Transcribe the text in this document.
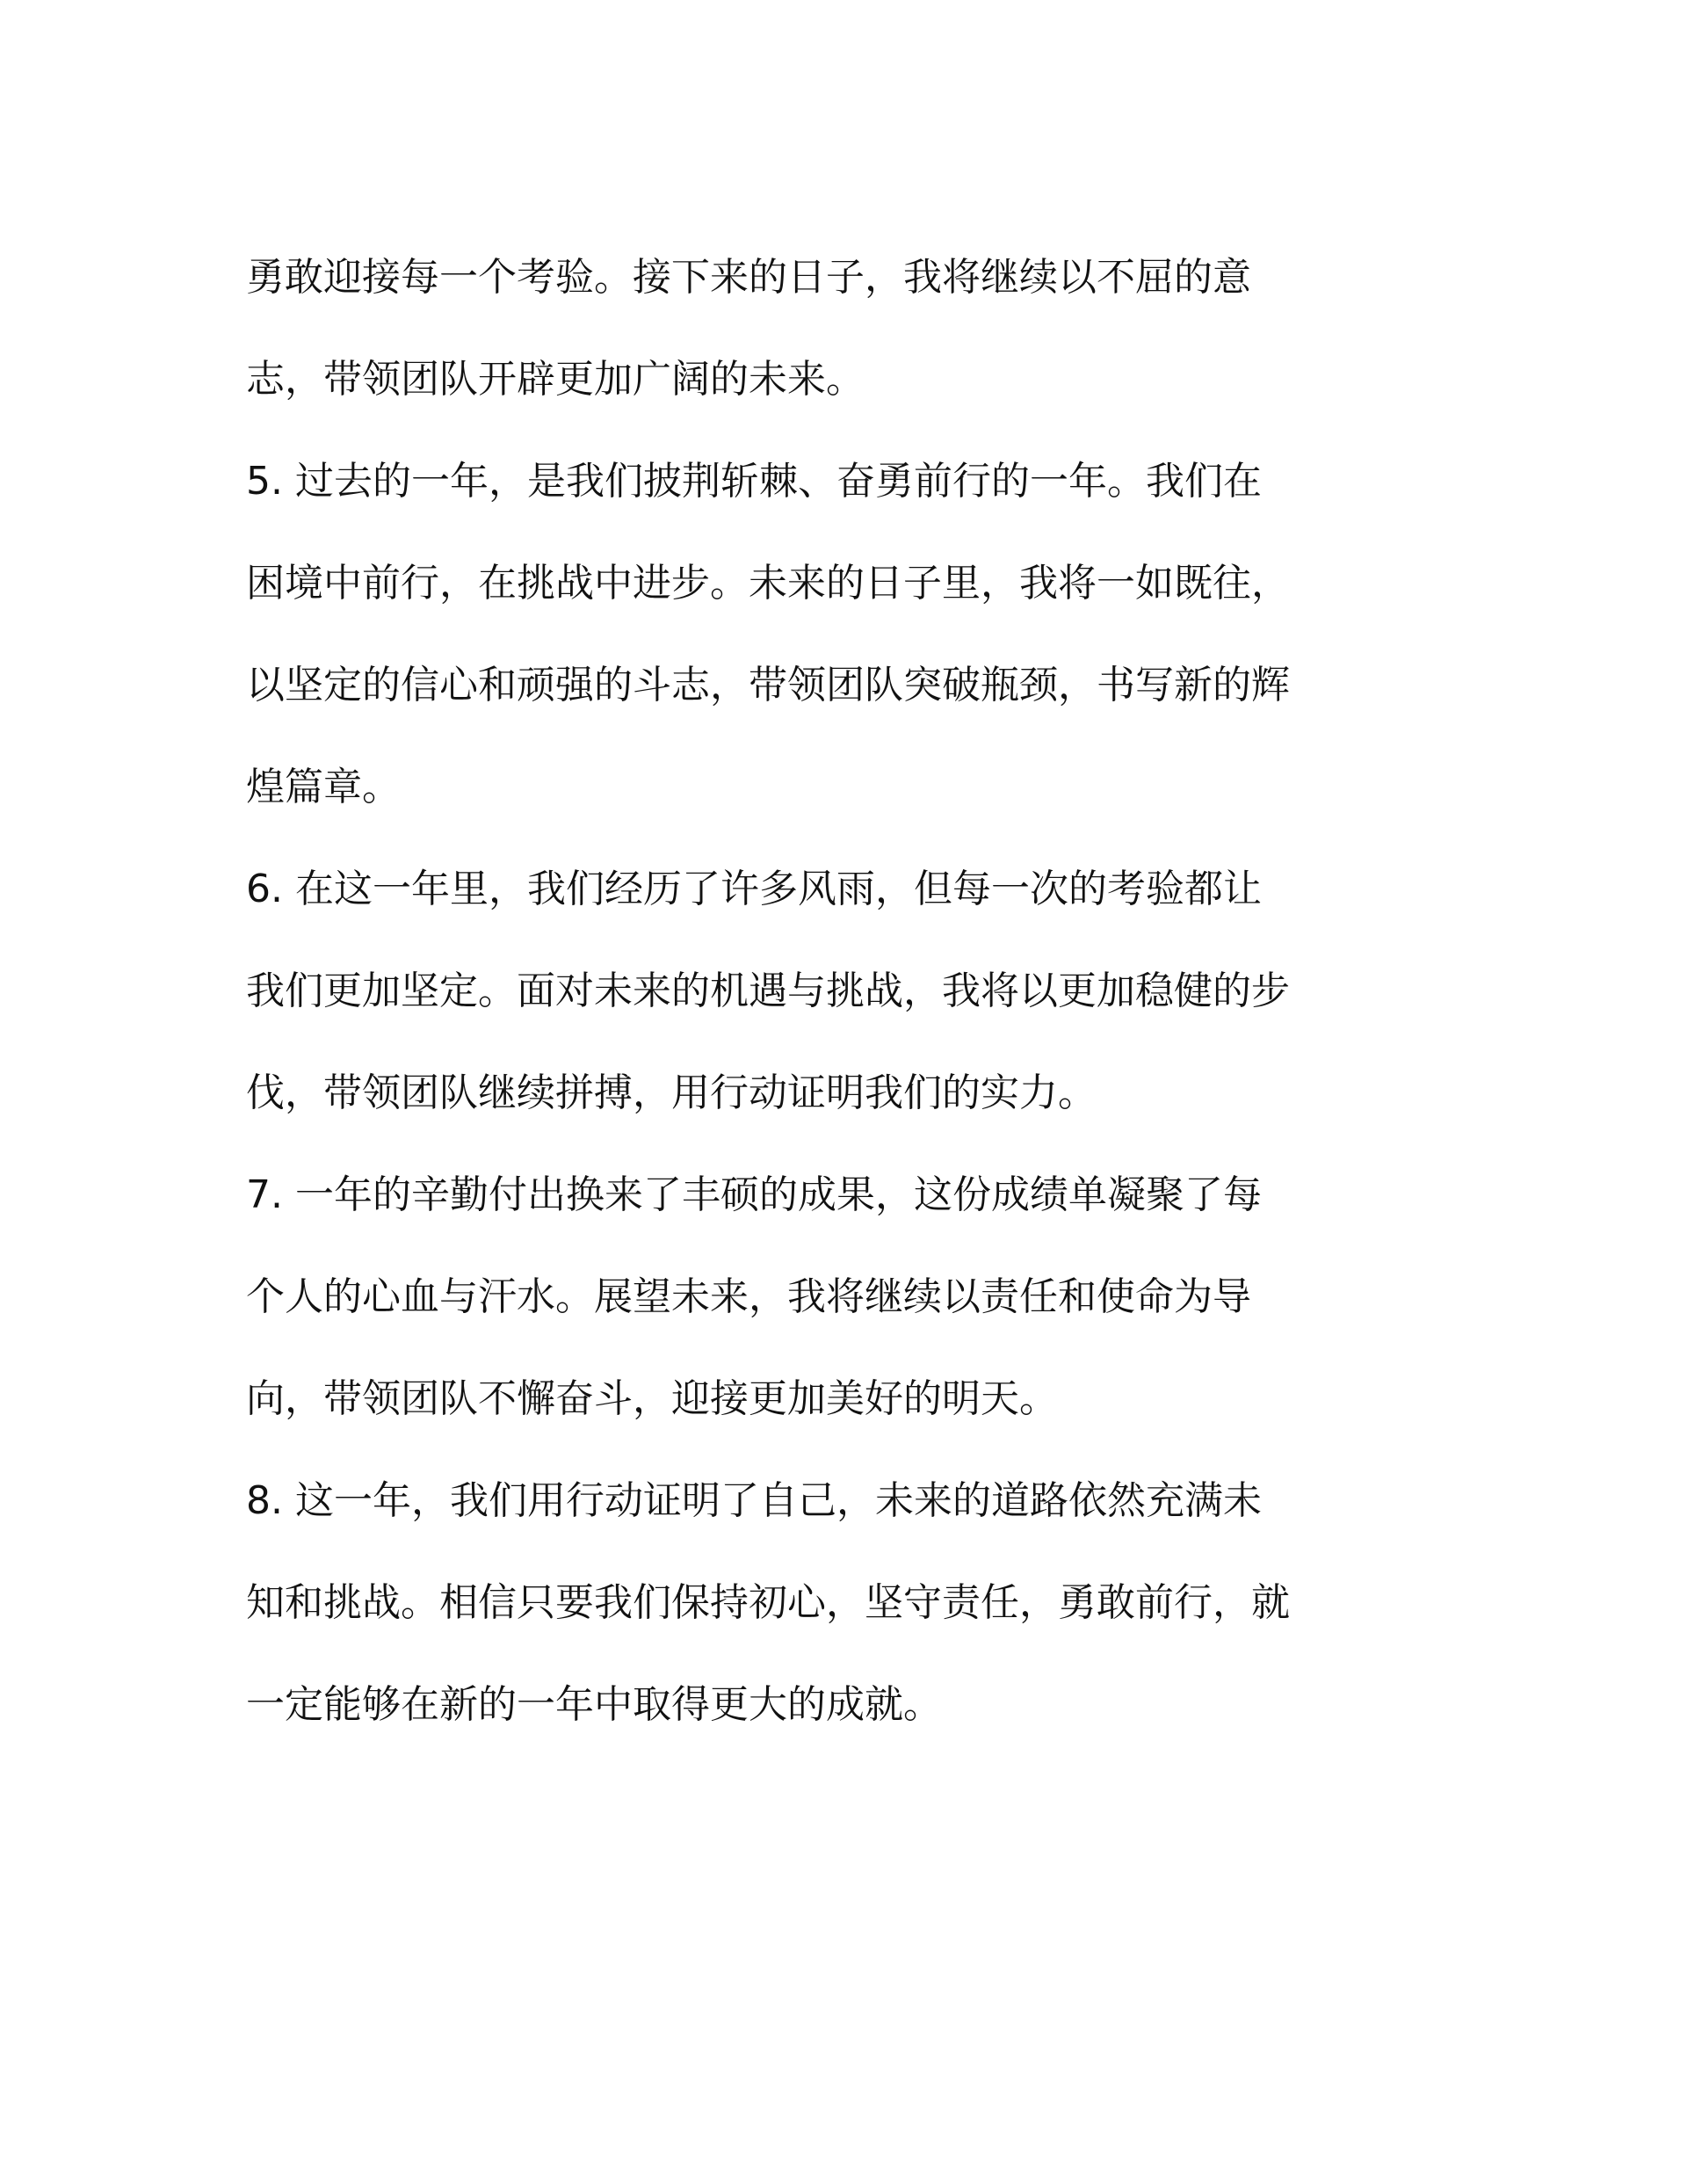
勇敢迎接每一个考验。接下来的日子，我将继续以不屈的意
志，带领团队开辟更加广阔的未来。

5. 过去的一年，是我们披荆斩棘、奋勇前行的一年。我们在
困境中前行，在挑战中进步。未来的日子里，我将一如既往，
以坚定的信心和顽强的斗志，带领团队突破瓶颈，书写新的辉
煌篇章。

6. 在这一年里，我们经历了许多风雨，但每一次的考验都让
我们更加坚定。面对未来的机遇与挑战，我将以更加稳健的步
伐，带领团队继续拼搏，用行动证明我们的实力。

7. 一年的辛勤付出换来了丰硕的成果，这份成绩单凝聚了每
个人的心血与汗水。展望未来，我将继续以责任和使命为导
向，带领团队不懈奋斗，迎接更加美好的明天。

8. 这一年，我们用行动证明了自己，未来的道路依然充满未
知和挑战。相信只要我们保持初心，坚守责任，勇敢前行，就
一定能够在新的一年中取得更大的成就。
